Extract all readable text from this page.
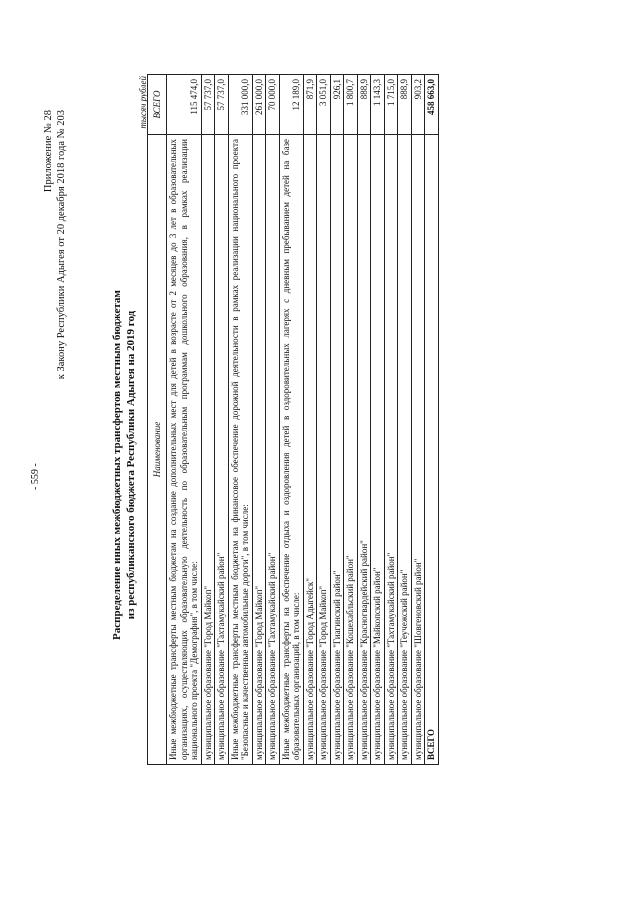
- 559 -
Приложение № 28 к Закону Республики Адыгея от 20 декабря 2018 года № 203
Распределение иных межбюджетных трансфертов местным бюджетам из республиканского бюджета Республики Адыгея на 2019 год
тысяч рублей
Наименование	ВСЕГО
Иные межбюджетные трансферты местным бюджетам на создание дополнительных мест для детей в возрасте от 2 месяцев до 3 лет в образовательных организациях, осуществляющих образовательную деятельность по образовательным программам дошкольного образования, в рамках реализации национального проекта "Демография", в том числе:	115 474,0
муниципальное образование "Город Майкоп"	57 737,0
муниципальное образование "Тахтамукайский район"	57 737,0
Иные межбюджетные трансферты местным бюджетам на финансовое обеспечение дорожной деятельности в рамках реализации национального проекта "Безопасные и качественные автомобильные дороги", в том числе:	331 000,0
муниципальное образование "Город Майкоп"	261 000,0
муниципальное образование "Тахтамукайский район"	70 000,0
Иные межбюджетные трансферты на обеспечение отдыха и оздоровления детей в оздоровительных лагерях с дневным пребыванием детей на базе образовательных организаций, в том числе:	12 189,0
муниципальное образование "Город Адыгейск"	871,9
муниципальное образование "Город Майкоп"	3 051,0
муниципальное образование "Гиагинский район"	926,1
муниципальное образование "Кошехабльский район"	1 800,7
муниципальное образование "Красногвардейский район"	888,9
муниципальное образование "Майкопский район"	1 143,3
муниципальное образование "Тахтамукайский район"	1 715,0
муниципальное образование "Теучежский район"	888,9
муниципальное образование "Шовгеновский район"	903,2
ВСЕГО	458 663,0
